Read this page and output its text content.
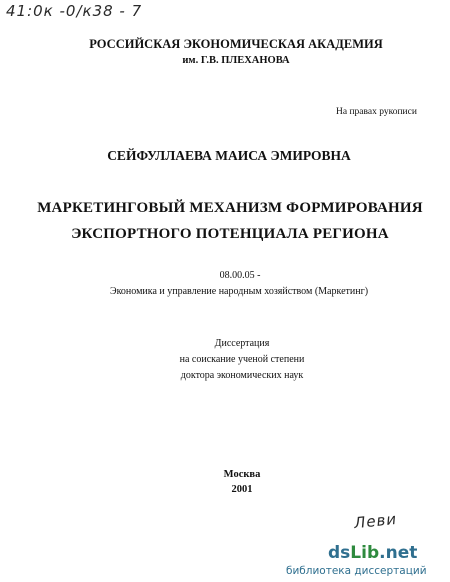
41:0к -0/к38 - 7
РОССИЙСКАЯ ЭКОНОМИЧЕСКАЯ АКАДЕМИЯ
им. Г.В. ПЛЕХАНОВА
На правах рукописи
СЕЙФУЛЛАЕВА МАИСА ЭМИРОВНА
МАРКЕТИНГОВЫЙ МЕХАНИЗМ ФОРМИРОВАНИЯ
ЭКСПОРТНОГО ПОТЕНЦИАЛА РЕГИОНА
08.00.05 -
Экономика и управление народным хозяйством (Маркетинг)
Диссертация
на соискание ученой степени
доктора экономических наук
Москва
2001
Леви
dsLib.net
библиотека диссертаций
